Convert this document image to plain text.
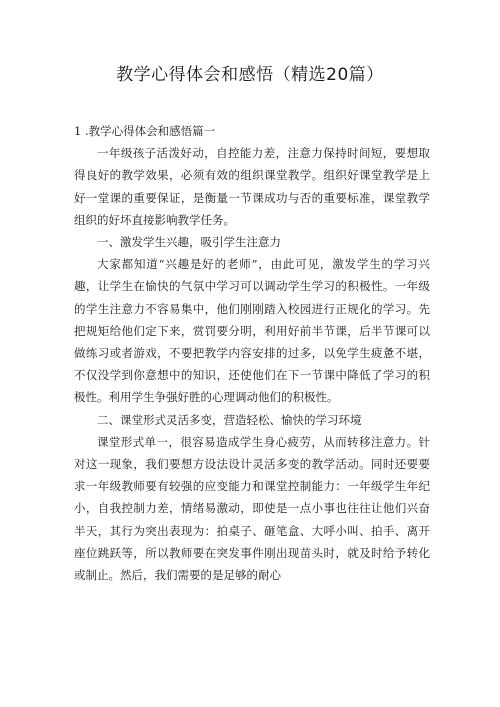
教学心得体会和感悟（精选20篇）

1 .教学心得体会和感悟篇一

一年级孩子活泼好动，自控能力差，注意力保持时间短，要想取得良好的教学效果，必须有效的组织课堂教学。组织好课堂教学是上好一堂课的重要保证，是衡量一节课成功与否的重要标准，课堂教学组织的好坏直接影响教学任务。

一、激发学生兴趣，吸引学生注意力

大家都知道“兴趣是好的老师”，由此可见，激发学生的学习兴趣，让学生在愉快的气氛中学习可以调动学生学习的积极性。一年级的学生注意力不容易集中，他们刚刚踏入校园进行正规化的学习。先把规矩给他们定下来，赏罚要分明，利用好前半节课，后半节课可以做练习或者游戏，不要把教学内容安排的过多，以免学生疲惫不堪，不仅没学到你意想中的知识，还使他们在下一节课中降低了学习的积极性。利用学生争强好胜的心理调动他们的积极性。

二、课堂形式灵活多变，营造轻松、愉快的学习环境

课堂形式单一，很容易造成学生身心疲劳，从而转移注意力。针对这一现象，我们要想方设法设计灵活多变的教学活动。同时还要要求一年级教师要有较强的应变能力和课堂控制能力：一年级学生年纪小，自我控制力差，情绪易激动，即使是一点小事也往往让他们兴奋半天，其行为突出表现为：拍桌子、砸笔盒、大呼小叫、拍手、离开座位跳跃等，所以教师要在突发事件刚出现苗头时，就及时给予转化或制止。然后，我们需要的是足够的耐心
